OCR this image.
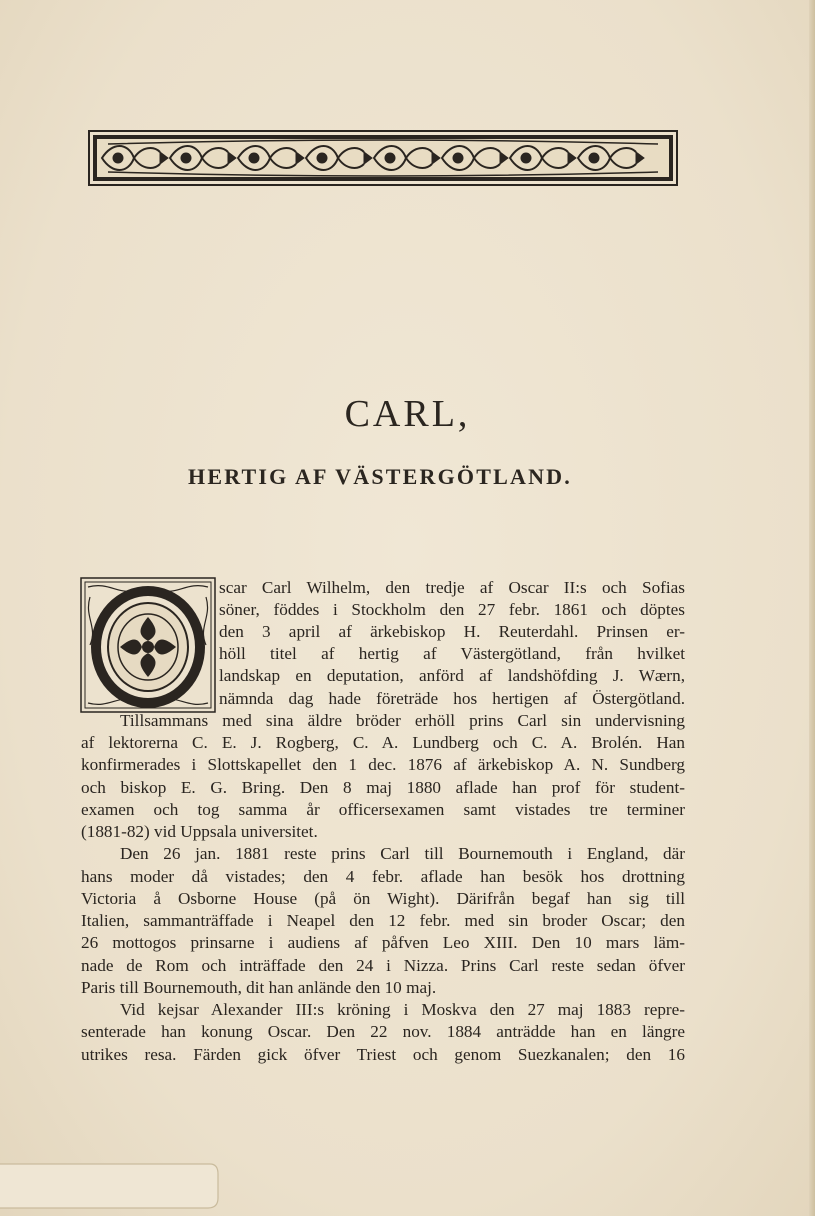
CARL,
HERTIG AF VÄSTERGÖTLAND.
scar Carl Wilhelm, den tredje af Oscar II:s och Sofias
söner, föddes i Stockholm den 27 febr. 1861 och döptes
den 3 april af ärkebiskop H. Reuterdahl. Prinsen er-
höll titel af hertig af Västergötland, från hvilket
landskap en deputation, anförd af landshöfding J. Wærn,
nämnda dag hade företräde hos hertigen af Östergötland.
Tillsammans med sina äldre bröder erhöll prins Carl sin undervisning
af lektorerna C. E. J. Rogberg, C. A. Lundberg och C. A. Brolén. Han
konfirmerades i Slottskapellet den 1 dec. 1876 af ärkebiskop A. N. Sundberg
och biskop E. G. Bring. Den 8 maj 1880 aflade han prof för student-
examen och tog samma år officersexamen samt vistades tre terminer
(1881-82) vid Uppsala universitet.
Den 26 jan. 1881 reste prins Carl till Bournemouth i England, där
hans moder då vistades; den 4 febr. aflade han besök hos drottning
Victoria å Osborne House (på ön Wight). Därifrån begaf han sig till
Italien, sammanträffade i Neapel den 12 febr. med sin broder Oscar; den
26 mottogos prinsarne i audiens af påfven Leo XIII. Den 10 mars läm-
nade de Rom och inträffade den 24 i Nizza. Prins Carl reste sedan öfver
Paris till Bournemouth, dit han anlände den 10 maj.
Vid kejsar Alexander III:s kröning i Moskva den 27 maj 1883 repre-
senterade han konung Oscar. Den 22 nov. 1884 anträdde han en längre
utrikes resa. Färden gick öfver Triest och genom Suezkanalen; den 16
